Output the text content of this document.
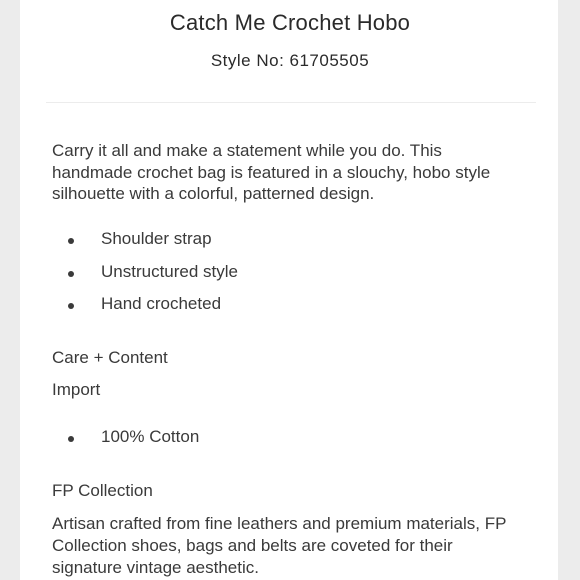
Catch Me Crochet Hobo
Style No: 61705505
Carry it all and make a statement while you do. This
handmade crochet bag is featured in a slouchy, hobo style
silhouette with a colorful, patterned design.
Shoulder strap
Unstructured style
Hand crocheted
Care + Content
Import
100% Cotton
FP Collection
Artisan crafted from fine leathers and premium materials, FP
Collection shoes, bags and belts are coveted for their
signature vintage aesthetic.
